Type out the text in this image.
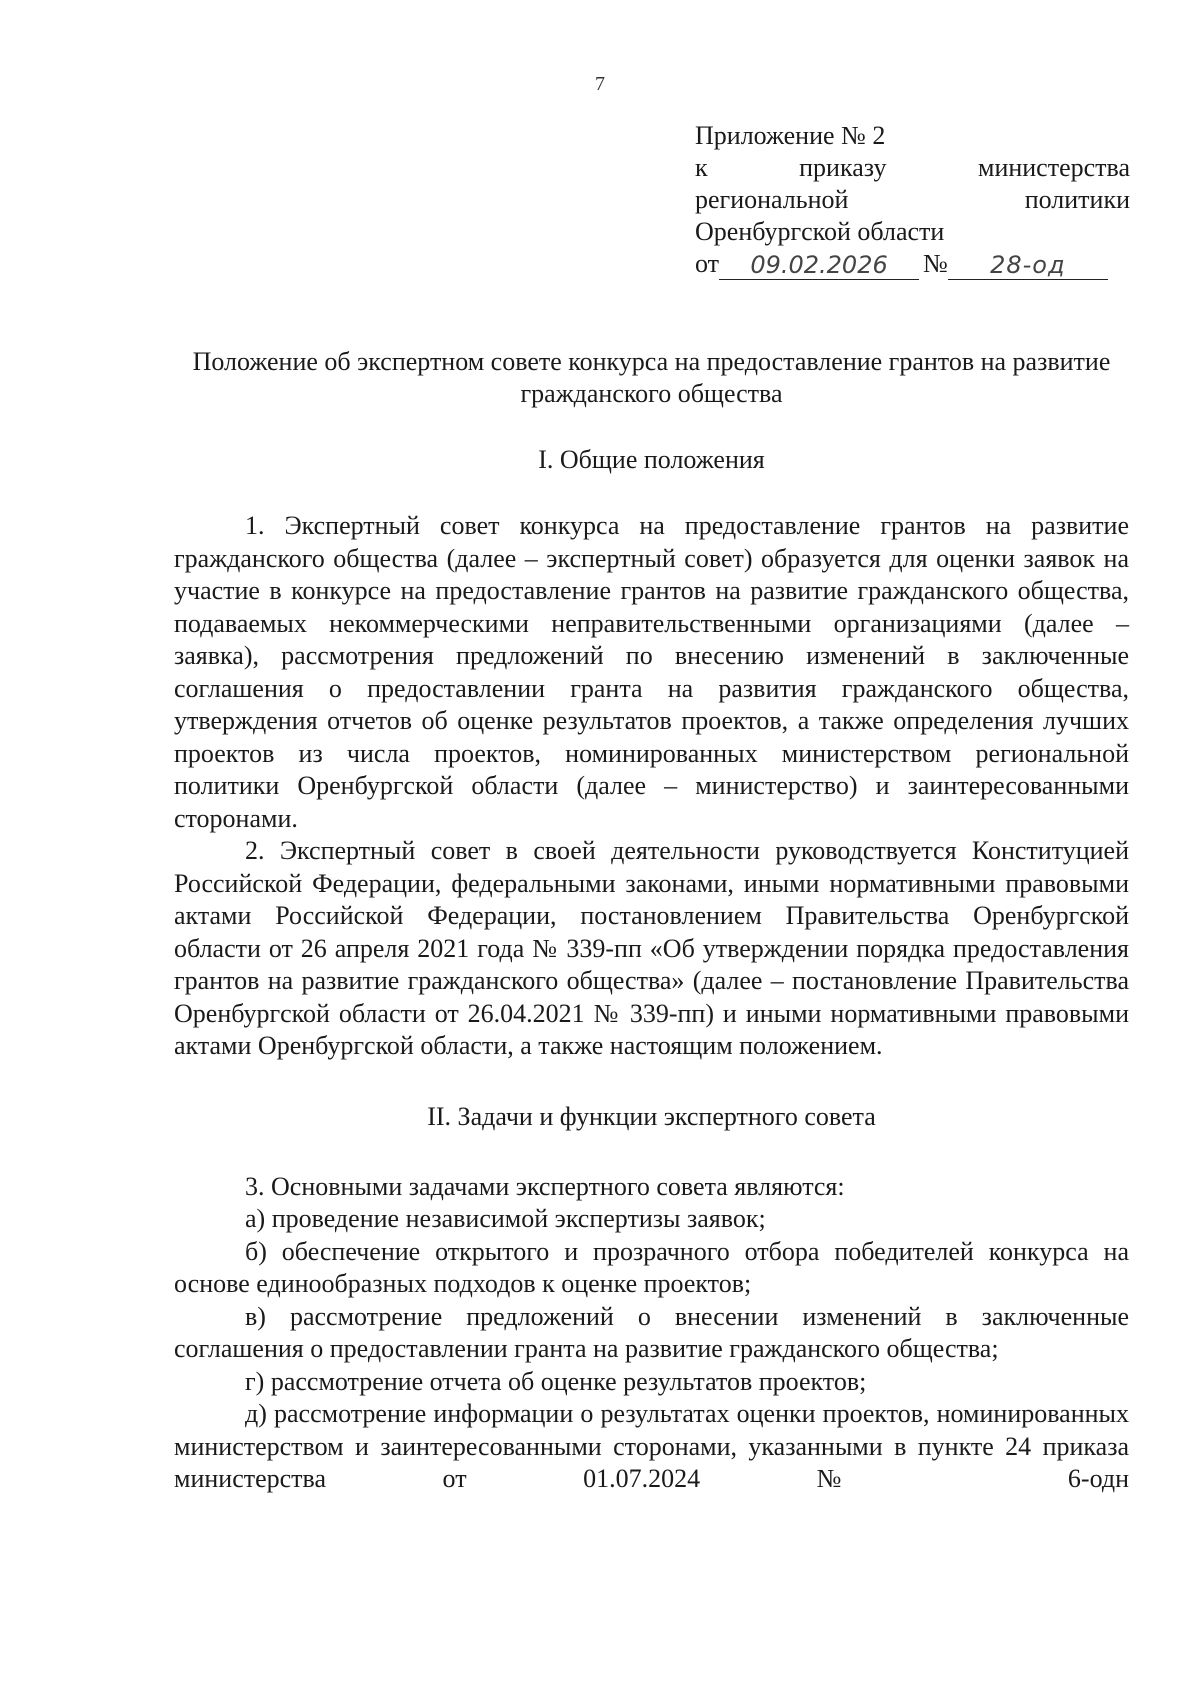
7
Приложение № 2
к	приказу	министерства
региональной	политики
Оренбургской области
от	09.02.2026	№	28-од
Положение об экспертном совете конкурса на предоставление грантов на развитие гражданского общества
I. Общие положения

1. Экспертный совет конкурса на предоставление грантов на развитие гражданского общества (далее – экспертный совет) образуется для оценки заявок на участие в конкурсе на предоставление грантов на развитие гражданского общества, подаваемых некоммерческими неправительственными организациями (далее – заявка), рассмотрения предложений по внесению изменений в заключенные соглашения о предоставлении гранта на развития гражданского общества, утверждения отчетов об оценке результатов проектов, а также определения лучших проектов из числа проектов, номинированных министерством региональной политики Оренбургской области (далее – министерство) и заинтересованными сторонами.

2. Экспертный совет в своей деятельности руководствуется Конституцией Российской Федерации, федеральными законами, иными нормативными правовыми актами Российской Федерации, постановлением Правительства Оренбургской области от 26 апреля 2021 года № 339-пп «Об утверждении порядка предоставления грантов на развитие гражданского общества» (далее – постановление Правительства Оренбургской области от 26.04.2021 № 339-пп) и иными нормативными правовыми актами Оренбургской области, а также настоящим положением.

II. Задачи и функции экспертного совета

3. Основными задачами экспертного совета являются:

а) проведение независимой экспертизы заявок;

б) обеспечение открытого и прозрачного отбора победителей конкурса на основе единообразных подходов к оценке проектов;

в) рассмотрение предложений о внесении изменений в заключенные соглашения о предоставлении гранта на развитие гражданского общества;

г) рассмотрение отчета об оценке результатов проектов;

д) рассмотрение информации о результатах оценки проектов, номинированных министерством и заинтересованными сторонами, указанными в пункте 24 приказа министерства от 01.07.2024 № 6-одн
